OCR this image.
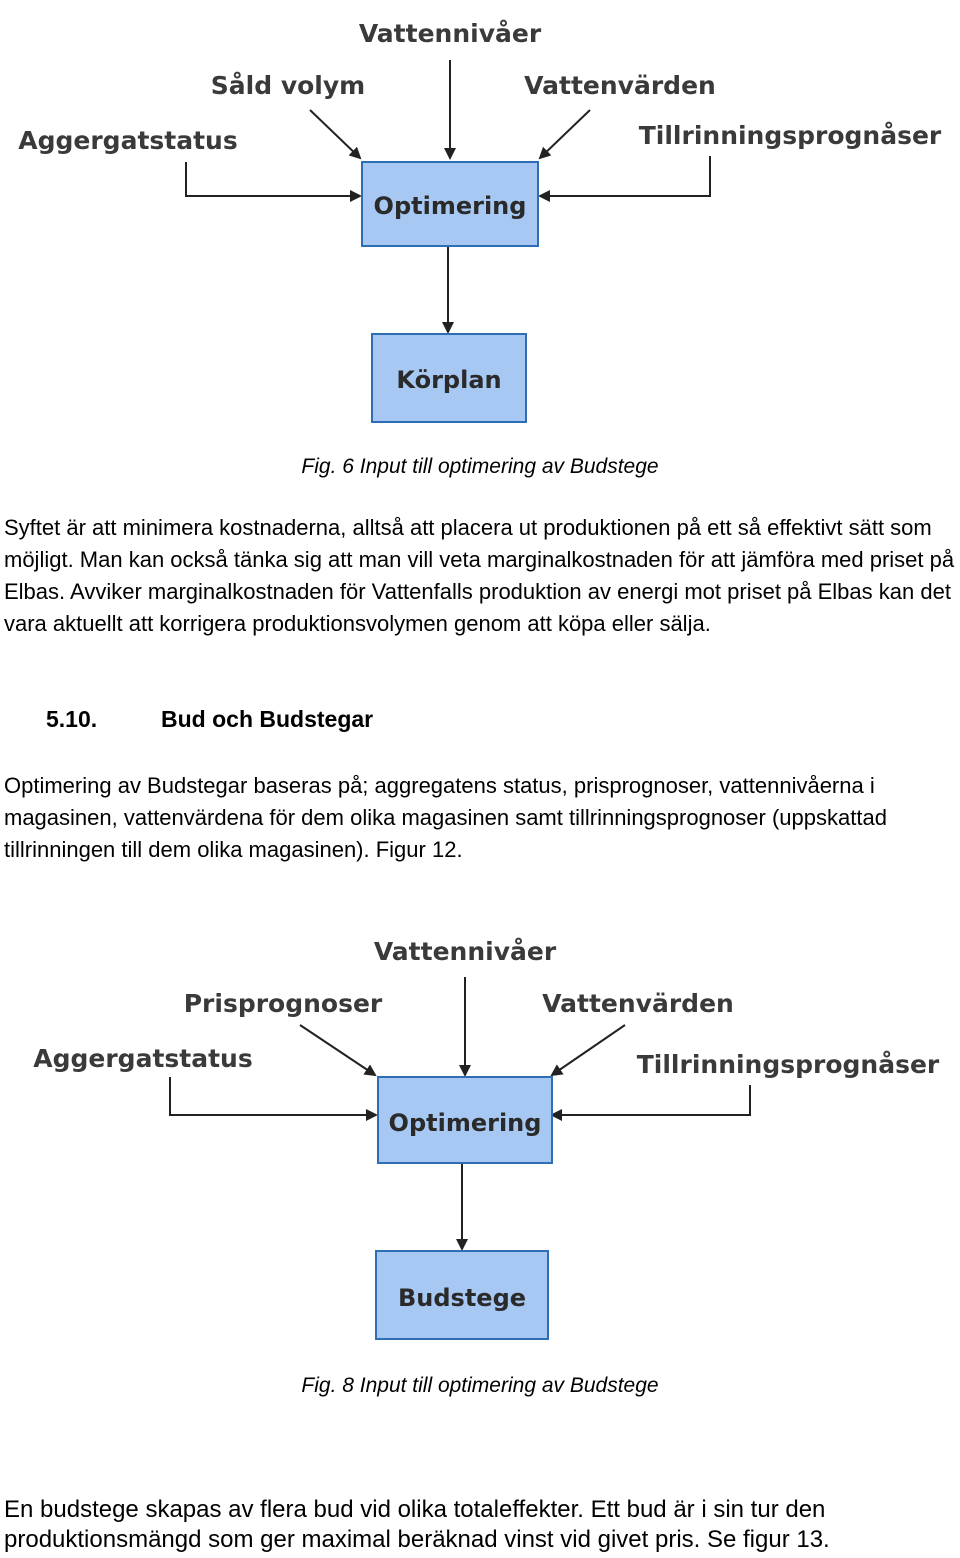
Vattennivåer
Såld volym	Vattenvärden
Aggergatstatus	Tillrinningsprognåser
Optimering
Körplan
Fig. 6 Input till optimering av Budstege

Syftet är att minimera kostnaderna, alltså att placera ut produktionen på ett så effektivt sätt som möjligt. Man kan också tänka sig att man vill veta marginalkostnaden för att jämföra med priset på Elbas. Avviker marginalkostnaden för Vattenfalls produktion av energi mot priset på Elbas kan det vara aktuellt att korrigera produktionsvolymen genom att köpa eller sälja.

5.10.	Bud och Budstegar

Optimering av Budstegar baseras på; aggregatens status, prisprognoser, vattennivåerna i magasinen, vattenvärdena för dem olika magasinen samt tillrinningsprognoser (uppskattad tillrinningen till dem olika magasinen). Figur 12.

Vattennivåer
Prisprognoser	Vattenvärden
Aggergatstatus	Tillrinningsprognåser
Optimering
Budstege
Fig. 8 Input till optimering av Budstege

En budstege skapas av flera bud vid olika totaleffekter. Ett bud är i sin tur den produktionsmängd som ger maximal beräknad vinst vid givet pris. Se figur 13.
